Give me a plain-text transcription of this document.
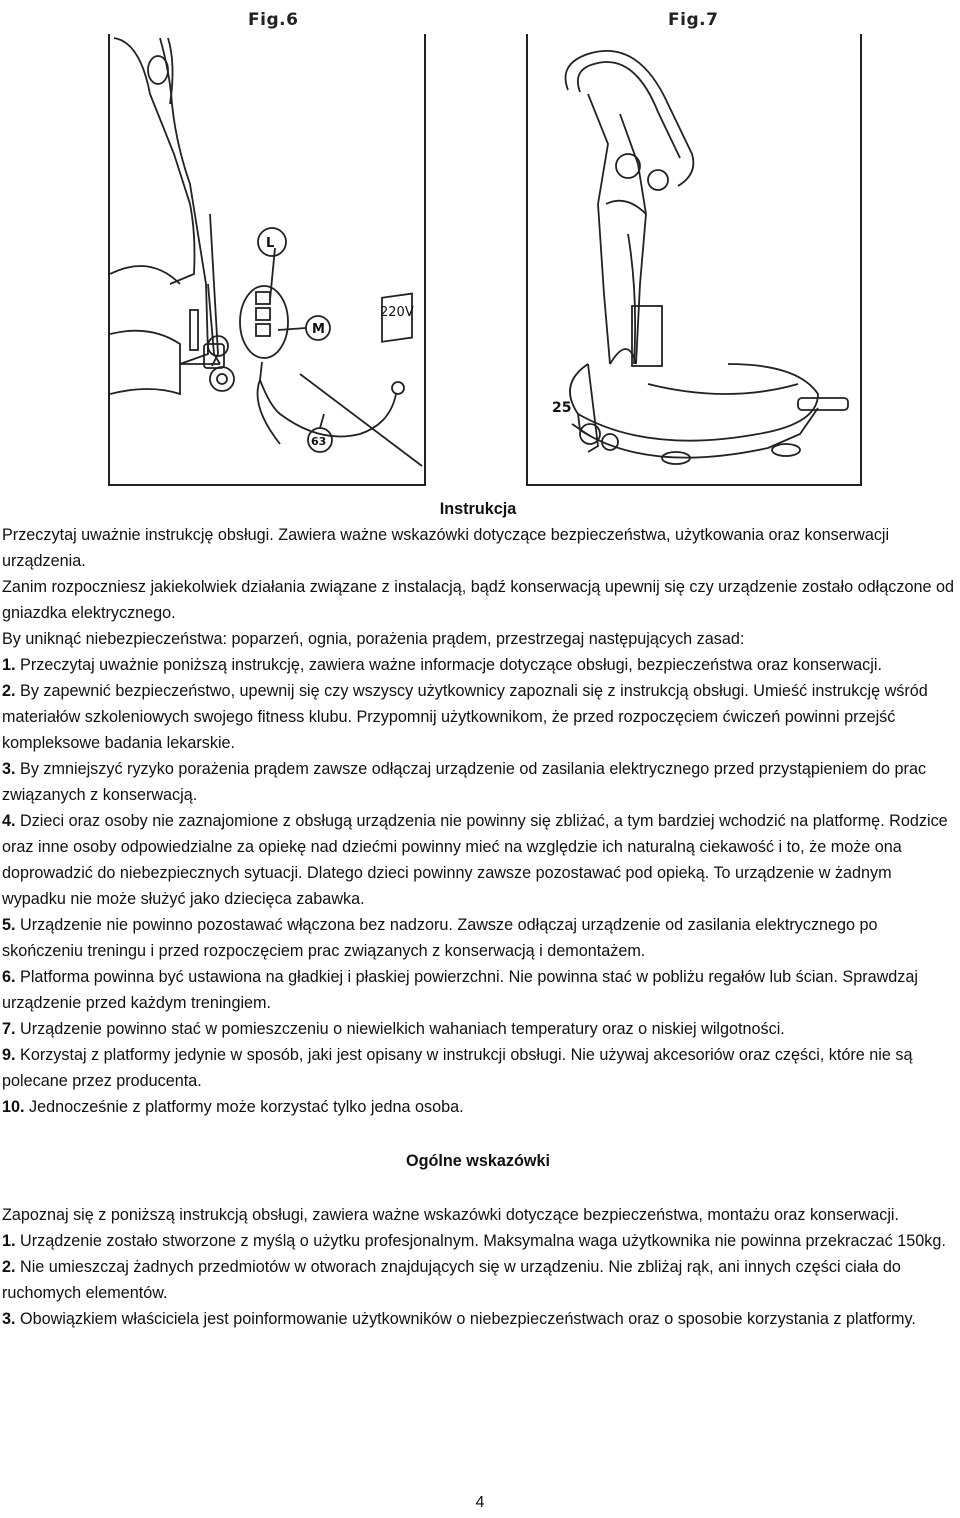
Fig.6	Fig.7
L
M
220V
63
25

Instrukcja

Przeczytaj uważnie instrukcję obsługi. Zawiera ważne wskazówki dotyczące bezpieczeństwa, użytkowania oraz konserwacji urządzenia.

Zanim rozpoczniesz jakiekolwiek działania związane z instalacją, bądź konserwacją upewnij się czy urządzenie zostało odłączone od gniazdka elektrycznego.

By uniknąć niebezpieczeństwa: poparzeń, ognia, porażenia prądem, przestrzegaj następujących zasad:

1. Przeczytaj uważnie poniższą instrukcję, zawiera ważne informacje dotyczące obsługi, bezpieczeństwa oraz konserwacji.

2. By zapewnić bezpieczeństwo, upewnij się czy wszyscy użytkownicy zapoznali się z instrukcją obsługi. Umieść instrukcję wśród materiałów szkoleniowych swojego fitness klubu. Przypomnij użytkownikom, że przed rozpoczęciem ćwiczeń powinni przejść kompleksowe badania lekarskie.

3. By zmniejszyć ryzyko porażenia prądem zawsze odłączaj urządzenie od zasilania elektrycznego przed przystąpieniem do prac związanych z konserwacją.

4. Dzieci oraz osoby nie zaznajomione z obsługą urządzenia nie powinny się zbliżać, a tym bardziej wchodzić na platformę. Rodzice oraz inne osoby odpowiedzialne za opiekę nad dziećmi powinny mieć na względzie ich naturalną ciekawość i to, że może ona doprowadzić do niebezpiecznych sytuacji. Dlatego dzieci powinny zawsze pozostawać pod opieką. To urządzenie w żadnym wypadku nie może służyć jako dziecięca zabawka.

5. Urządzenie nie powinno pozostawać włączona bez nadzoru. Zawsze odłączaj urządzenie od zasilania elektrycznego po skończeniu treningu i przed rozpoczęciem prac związanych z konserwacją i demontażem.

6. Platforma powinna być ustawiona na gładkiej i płaskiej powierzchni. Nie powinna stać w pobliżu regałów lub ścian. Sprawdzaj urządzenie przed każdym treningiem.

7. Urządzenie powinno stać w pomieszczeniu o niewielkich wahaniach temperatury oraz o niskiej wilgotności.

9. Korzystaj z platformy jedynie w sposób, jaki jest opisany w instrukcji obsługi. Nie używaj akcesoriów oraz części, które nie są polecane przez producenta.

10. Jednocześnie z platformy może korzystać tylko jedna osoba.

Ogólne wskazówki

Zapoznaj się z poniższą instrukcją obsługi, zawiera ważne wskazówki dotyczące bezpieczeństwa, montażu oraz konserwacji.

1. Urządzenie zostało stworzone z myślą o użytku profesjonalnym. Maksymalna waga użytkownika nie powinna przekraczać 150kg.

2. Nie umieszczaj żadnych przedmiotów w otworach znajdujących się w urządzeniu. Nie zbliżaj rąk, ani innych części ciała do ruchomych elementów.

3. Obowiązkiem właściciela jest poinformowanie użytkowników o niebezpieczeństwach oraz o sposobie korzystania z platformy.

4
